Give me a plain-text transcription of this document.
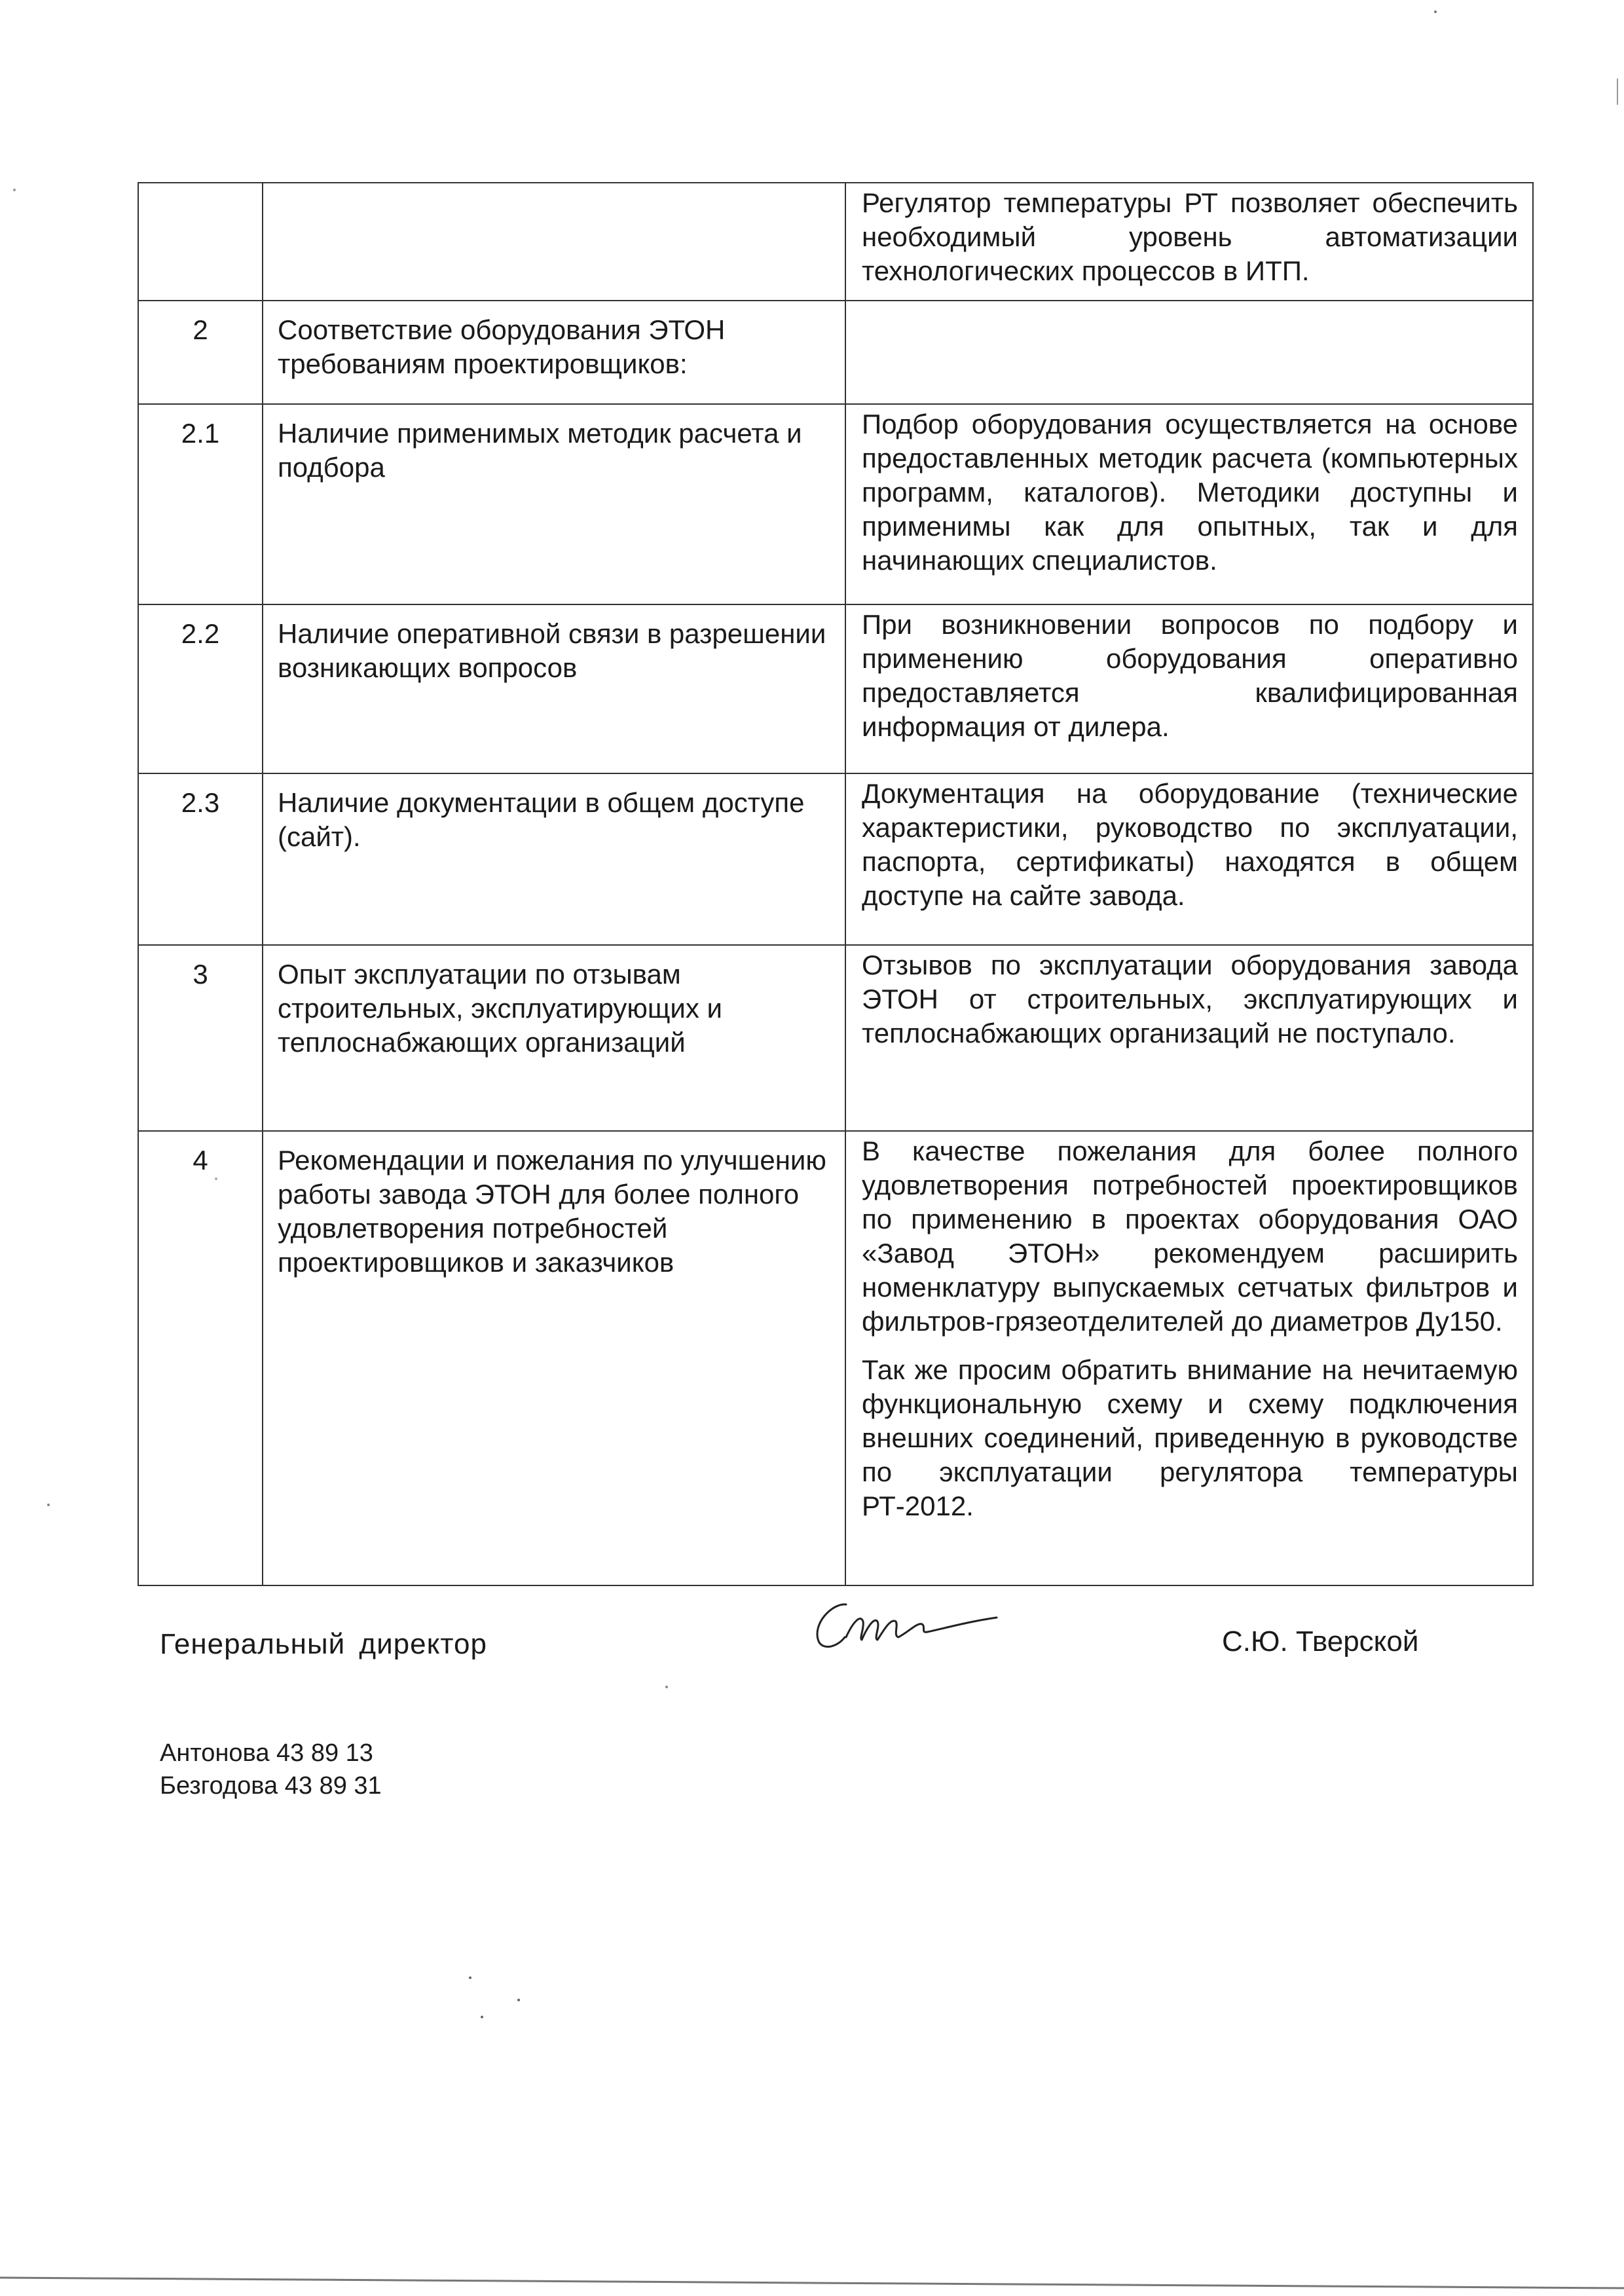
		Регулятор температуры РТ позволяет обеспечить необходимый уровень автоматизации технологических процессов в ИТП.

2	Соответствие оборудования ЭТОН требованиям проектировщиков:	
2.1	Наличие применимых методик расчета и подбора	Подбор оборудования осуществляется на основе предоставленных методик расчета (компьютерных программ, каталогов). Методики доступны и применимы как для опытных, так и для начинающих специалистов.

2.2	Наличие оперативной связи в разрешении возникающих вопросов	При возникновении вопросов по подбору и применению оборудования оперативно предоставляется квалифицированная информация от дилера.

2.3	Наличие документации в общем доступе (сайт).	Документация на оборудование (технические характеристики, руководство по эксплуатации, паспорта, сертификаты) находятся в общем доступе на сайте завода.

3	Опыт эксплуатации по отзывам строительных, эксплуатирующих и теплоснабжающих организаций	Отзывов по эксплуатации оборудования завода ЭТОН от строительных, эксплуатирующих и теплоснабжающих организаций не поступало.

4	Рекомендации и пожелания по улучшению работы завода ЭТОН для более полного удовлетворения потребностей проектировщиков и заказчиков	В качестве пожелания для более полного удовлетворения потребностей проектировщиков по применению в проектах оборудования ОАО «Завод ЭТОН» рекомендуем расширить номенклатуру выпускаемых сетчатых фильтров и фильтров-грязеотделителей до диаметров Ду150.

Так же просим обратить внимание на нечитаемую функциональную схему и схему подключения внешних соединений, приведенную в руководстве по эксплуатации регулятора температуры РТ-2012.

Генеральный директор	С.Ю. Тверской
Антонова 43 89 13
Безгодова 43 89 31
